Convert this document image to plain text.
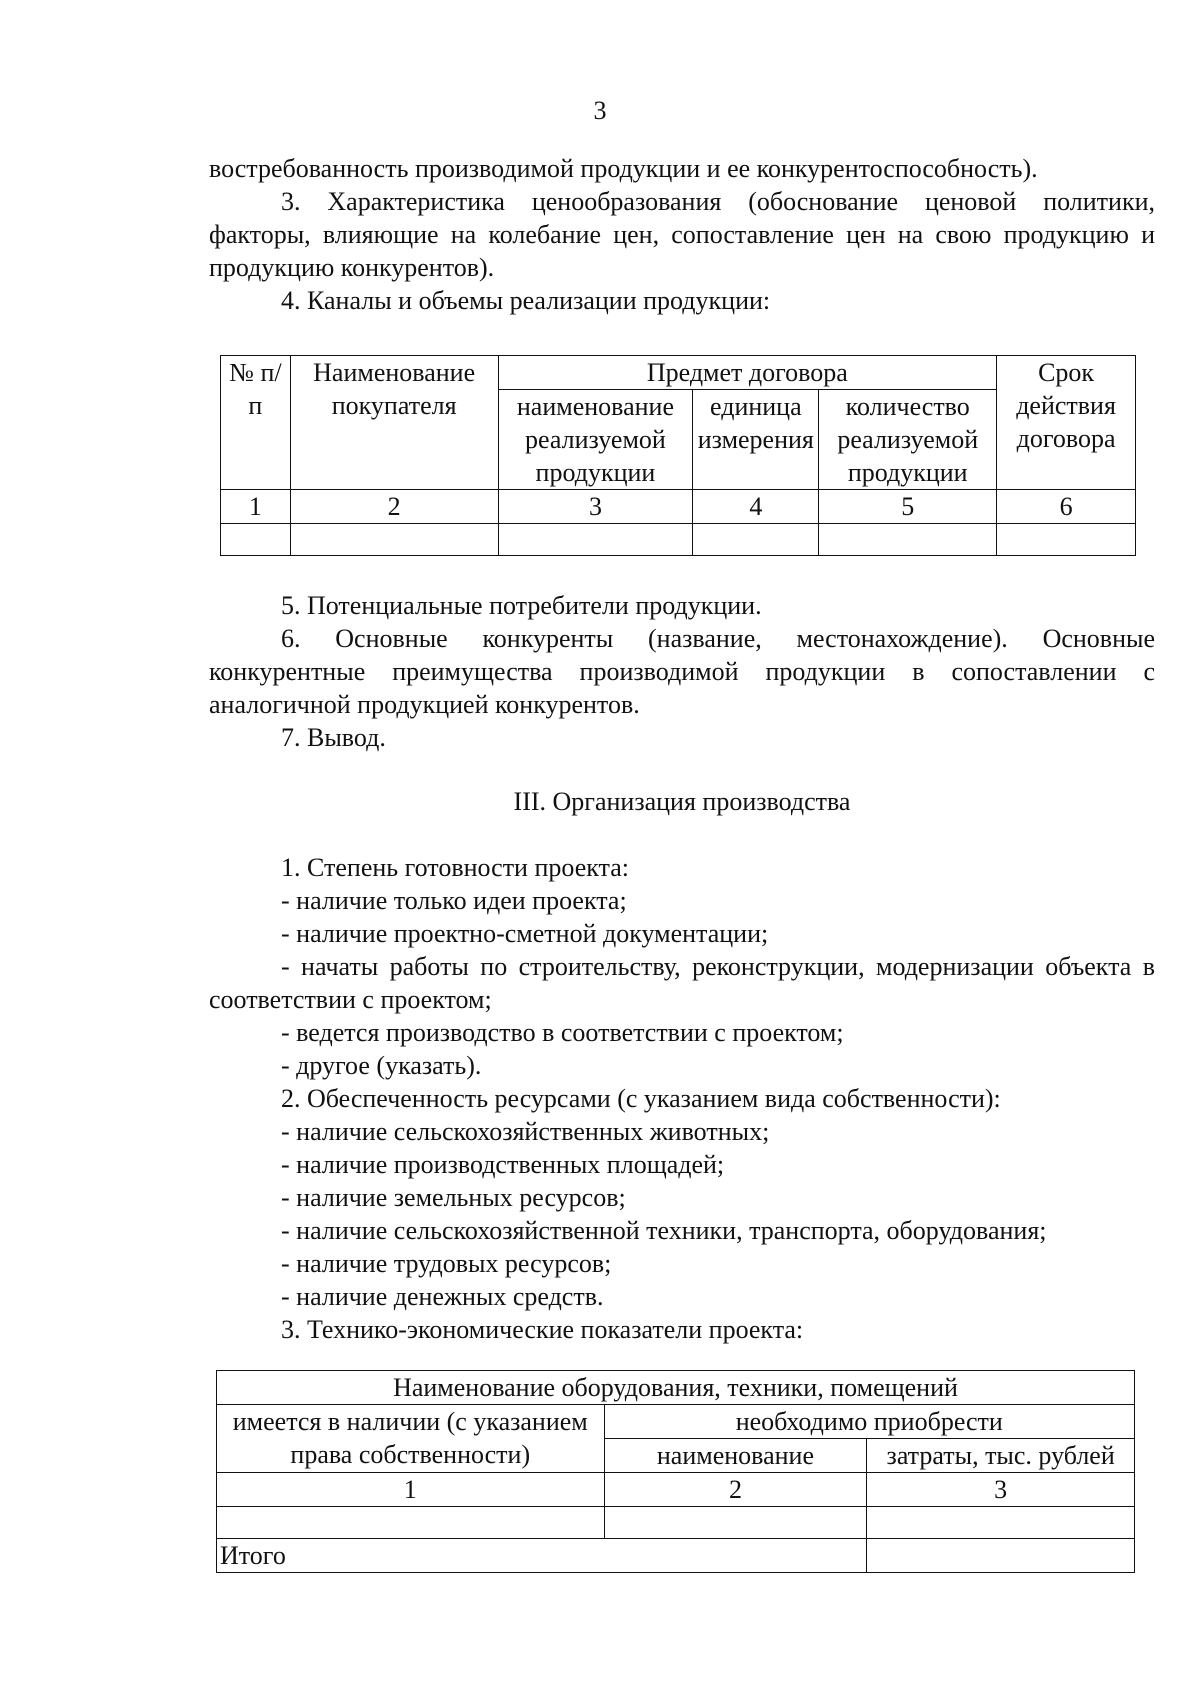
3

востребованность производимой продукции и ее конкурентоспособность).

3. Характеристика ценообразования (обоснование ценовой политики, факторы, влияющие на колебание цен, сопоставление цен на свою продукцию и продукцию конкурентов).

4. Каналы и объемы реализации продукции:

№ п/п	Наименование покупателя	Предмет договора			Срок действия договора
		наименование реализуемой продукции	единица измерения	количество реализуемой продукции	
1	2	3	4	5	6

5. Потенциальные потребители продукции.

6. Основные конкуренты (название, местонахождение). Основные конкурентные преимущества производимой продукции в сопоставлении с аналогичной продукцией конкурентов.

7. Вывод.

III. Организация производства

1. Степень готовности проекта:

- наличие только идеи проекта;

- наличие проектно-сметной документации;

- начаты работы по строительству, реконструкции, модернизации объекта в соответствии с проектом;

- ведется производство в соответствии с проектом;

- другое (указать).

2. Обеспеченность ресурсами (с указанием вида собственности):

- наличие сельскохозяйственных животных;

- наличие производственных площадей;

- наличие земельных ресурсов;

- наличие сельскохозяйственной техники, транспорта, оборудования;

- наличие трудовых ресурсов;

- наличие денежных средств.

3. Технико-экономические показатели проекта:

Наименование оборудования, техники, помещений		
имеется в наличии (с указанием права собственности)	необходимо приобрести	
	наименование	затраты, тыс. рублей
1	2	3

Итого		
